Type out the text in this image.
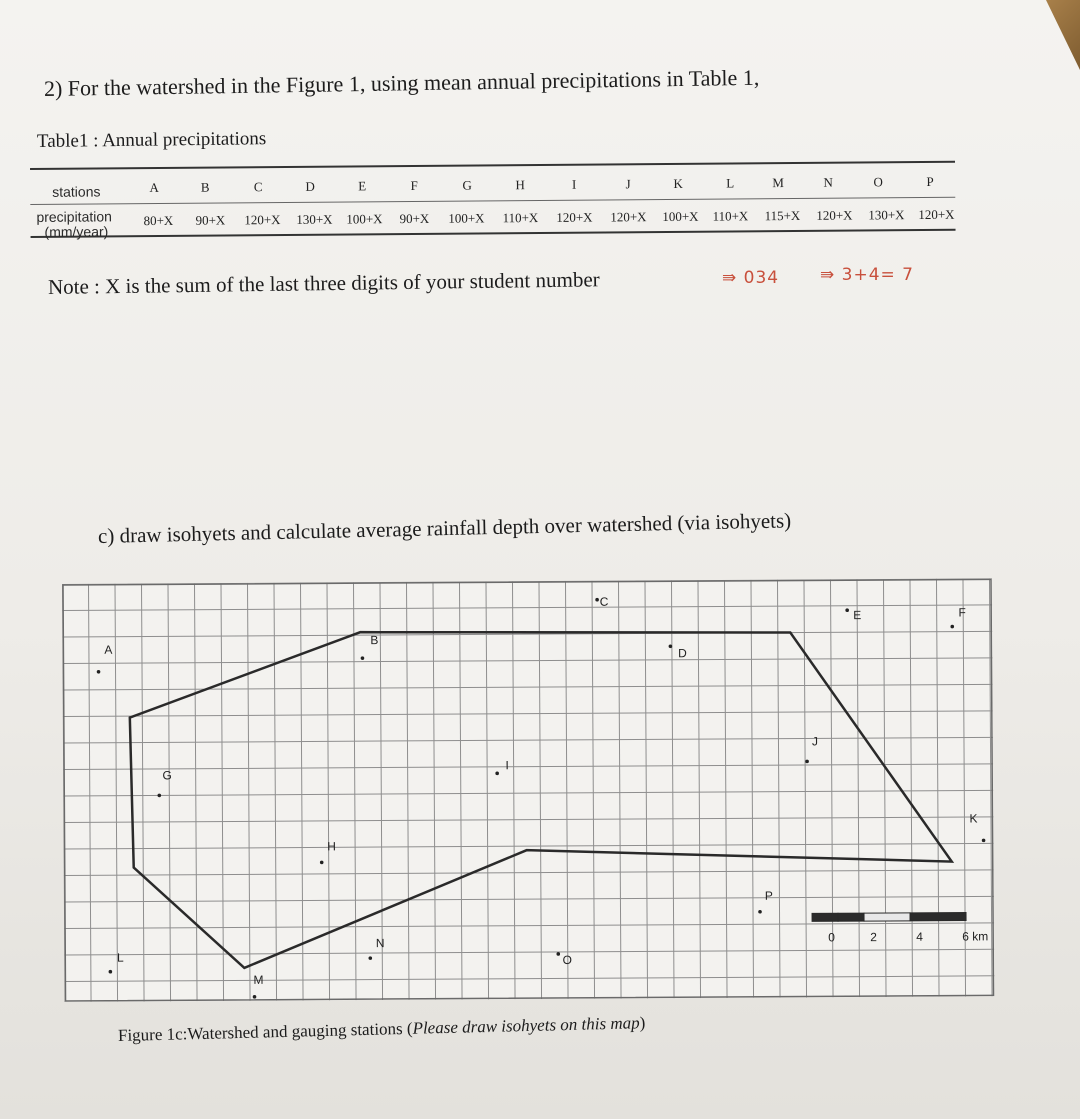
2) For the watershed in the Figure 1, using mean annual precipitations in Table 1,
Table1 : Annual precipitations
stations
precipitation
(mm/year)
A	B	C	D	E	F	G	H	I	J	K	L	M	N	O	P
80+X	90+X	120+X	130+X	100+X	90+X	100+X	110+X	120+X	120+X	100+X	110+X	115+X	120+X	130+X	120+X
Note : X is the sum of the last three digits of your student number	⇛ 034 ⇛ 3+4= 7
c) draw isohyets and calculate average rainfall depth over watershed (via isohyets)
A
B
C
D
E	F
G
H
I
J
K
L
M
N
O
P
0	2	4	6 km
Figure 1c:Watershed and gauging stations (Please draw isohyets on this map)
